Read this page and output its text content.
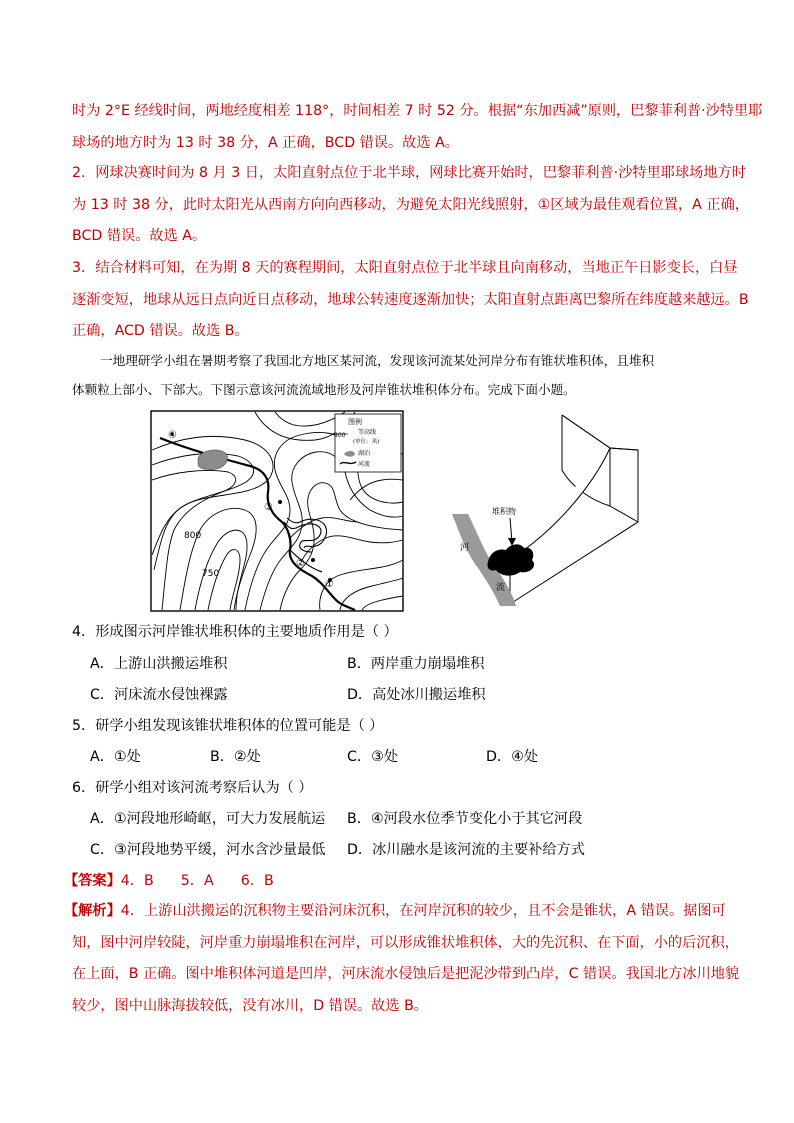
时为 2°E 经线时间，两地经度相差 118°，时间相差 7 时 52 分。根据“东加西减”原则，巴黎菲利普·沙特里耶
球场的地方时为 13 时 38 分，A 正确，BCD 错误。故选 A。
2．网球决赛时间为 8 月 3 日，太阳直射点位于北半球，网球比赛开始时，巴黎菲利普·沙特里耶球场地方时
为 13 时 38 分，此时太阳光从西南方向向西移动，为避免太阳光线照射，①区域为最佳观看位置，A 正确，
BCD 错误。故选 A。
3．结合材料可知，在为期 8 天的赛程期间，太阳直射点位于北半球且向南移动，当地正午日影变长，白昼
逐渐变短，地球从远日点向近日点移动，地球公转速度逐渐加快；太阳直射点距离巴黎所在纬度越来越远。B
正确，ACD 错误。故选 B。
一地理研学小组在暑期考察了我国北方地区某河流，发现该河流某处河岸分布有锥状堆积体，且堆积
体颗粒上部小、下部大。下图示意该河流流域地形及河岸锥状堆积体分布。完成下面小题。
图例
800 等高线
(单位：米)
湖泊
河流
800
750
①
②
③
④
堆积物
河
流
4．形成图示河岸锥状堆积体的主要地质作用是（ ）
A．上游山洪搬运堆积	B．两岸重力崩塌堆积
C．河床流水侵蚀裸露	D．高处冰川搬运堆积
5．研学小组发现该锥状堆积体的位置可能是（ ）
A．①处	B．②处	C．③处	D．④处
6．研学小组对该河流考察后认为（ ）
A．①河段地形崎岖，可大力发展航运 B．④河段水位季节变化小于其它河段
C．③河段地势平缓，河水含沙量最低 D．冰川融水是该河流的主要补给方式
【答案】4．B      5．A      6．B
【解析】4．上游山洪搬运的沉积物主要沿河床沉积，在河岸沉积的较少，且不会是锥状，A 错误。据图可
知，图中河岸较陡，河岸重力崩塌堆积在河岸，可以形成锥状堆积体，大的先沉积、在下面，小的后沉积，
在上面，B 正确。图中堆积体河道是凹岸，河床流水侵蚀后是把泥沙带到凸岸，C 错误。我国北方冰川地貌
较少，图中山脉海拔较低，没有冰川，D 错误。故选 B。
